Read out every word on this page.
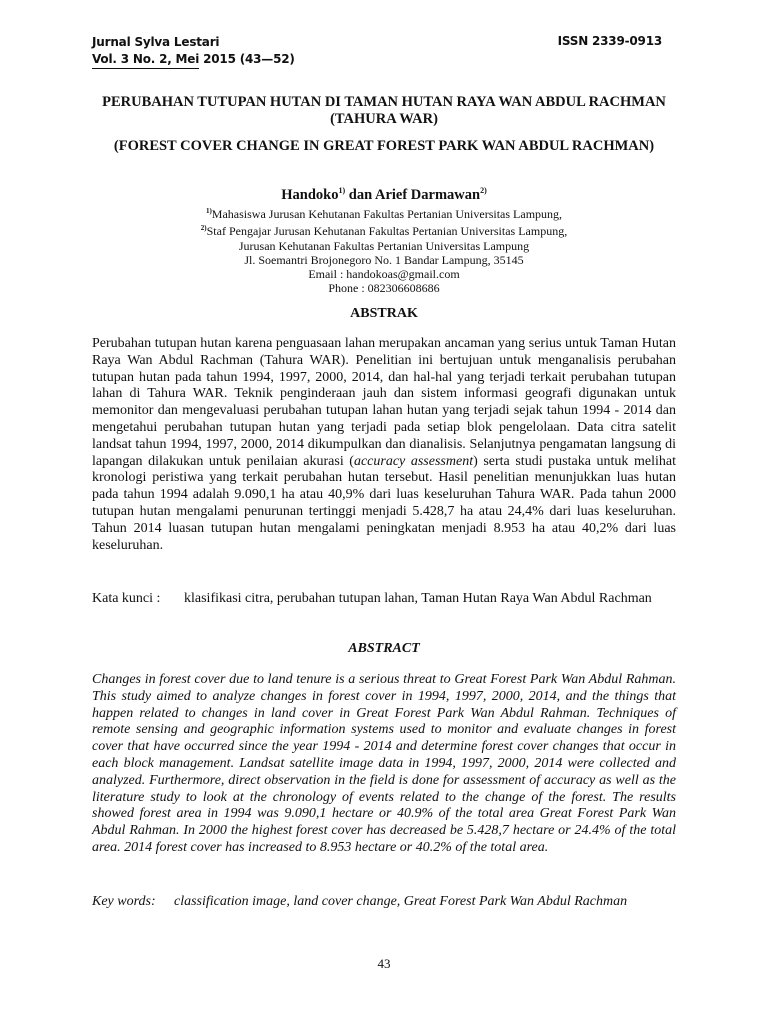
Jurnal Sylva Lestari
Vol. 3 No. 2, Mei 2015 (43—52)
ISSN 2339-0913
PERUBAHAN TUTUPAN HUTAN DI TAMAN HUTAN RAYA WAN ABDUL RACHMAN (TAHURA WAR)
(FOREST COVER CHANGE IN GREAT FOREST PARK WAN ABDUL RACHMAN)
Handoko$^{1)}$ dan Arief Darmawan$^{2)}$
$^{1)}$Mahasiswa Jurusan Kehutanan Fakultas Pertanian Universitas Lampung,
$^{2)}$Staf Pengajar Jurusan Kehutanan Fakultas Pertanian Universitas Lampung,
Jurusan Kehutanan Fakultas Pertanian Universitas Lampung
Jl. Soemantri Brojonegoro No. 1 Bandar Lampung, 35145
Email : handokoas@gmail.com
Phone : 082306608686
ABSTRAK
Perubahan tutupan hutan karena penguasaan lahan merupakan ancaman yang serius untuk Taman Hutan Raya Wan Abdul Rachman (Tahura WAR). Penelitian ini bertujuan untuk menganalisis perubahan tutupan hutan pada tahun 1994, 1997, 2000, 2014, dan hal-hal yang terjadi terkait perubahan tutupan lahan di Tahura WAR. Teknik penginderaan jauh dan sistem informasi geografi digunakan untuk memonitor dan mengevaluasi perubahan tutupan lahan hutan yang terjadi sejak tahun 1994 - 2014 dan mengetahui perubahan tutupan hutan yang terjadi pada setiap blok pengelolaan. Data citra satelit landsat tahun 1994, 1997, 2000, 2014 dikumpulkan dan dianalisis. Selanjutnya pengamatan langsung di lapangan dilakukan untuk penilaian akurasi (accuracy assessment) serta studi pustaka untuk melihat kronologi peristiwa yang terkait perubahan hutan tersebut. Hasil penelitian menunjukkan luas hutan pada tahun 1994 adalah 9.090,1 ha atau 40,9% dari luas keseluruhan Tahura WAR. Pada tahun 2000 tutupan hutan mengalami penurunan tertinggi menjadi 5.428,7 ha atau 24,4% dari luas keseluruhan. Tahun 2014 luasan tutupan hutan mengalami peningkatan menjadi 8.953 ha atau 40,2% dari luas keseluruhan.
Kata kunci :	klasifikasi citra, perubahan tutupan lahan, Taman Hutan Raya Wan Abdul Rachman
ABSTRACT
Changes in forest cover due to land tenure is a serious threat to Great Forest Park Wan Abdul Rahman. This study aimed to analyze changes in forest cover in 1994, 1997, 2000, 2014, and the things that happen related to changes in land cover in Great Forest Park Wan Abdul Rahman. Techniques of remote sensing and geographic information systems used to monitor and evaluate changes in forest cover that have occurred since the year 1994 - 2014 and determine forest cover changes that occur in each block management. Landsat satellite image data in 1994, 1997, 2000, 2014 were collected and analyzed. Furthermore, direct observation in the field is done for assessment of accuracy as well as the literature study to look at the chronology of events related to the change of the forest. The results showed forest area in 1994 was 9.090,1 hectare or 40.9% of the total area Great Forest Park Wan Abdul Rahman. In 2000 the highest forest cover has decreased be 5.428,7 hectare or 24.4% of the total area. 2014 forest cover has increased to 8.953 hectare or 40.2% of the total area.
Key words:	classification image, land cover change, Great Forest Park Wan Abdul Rachman
43
